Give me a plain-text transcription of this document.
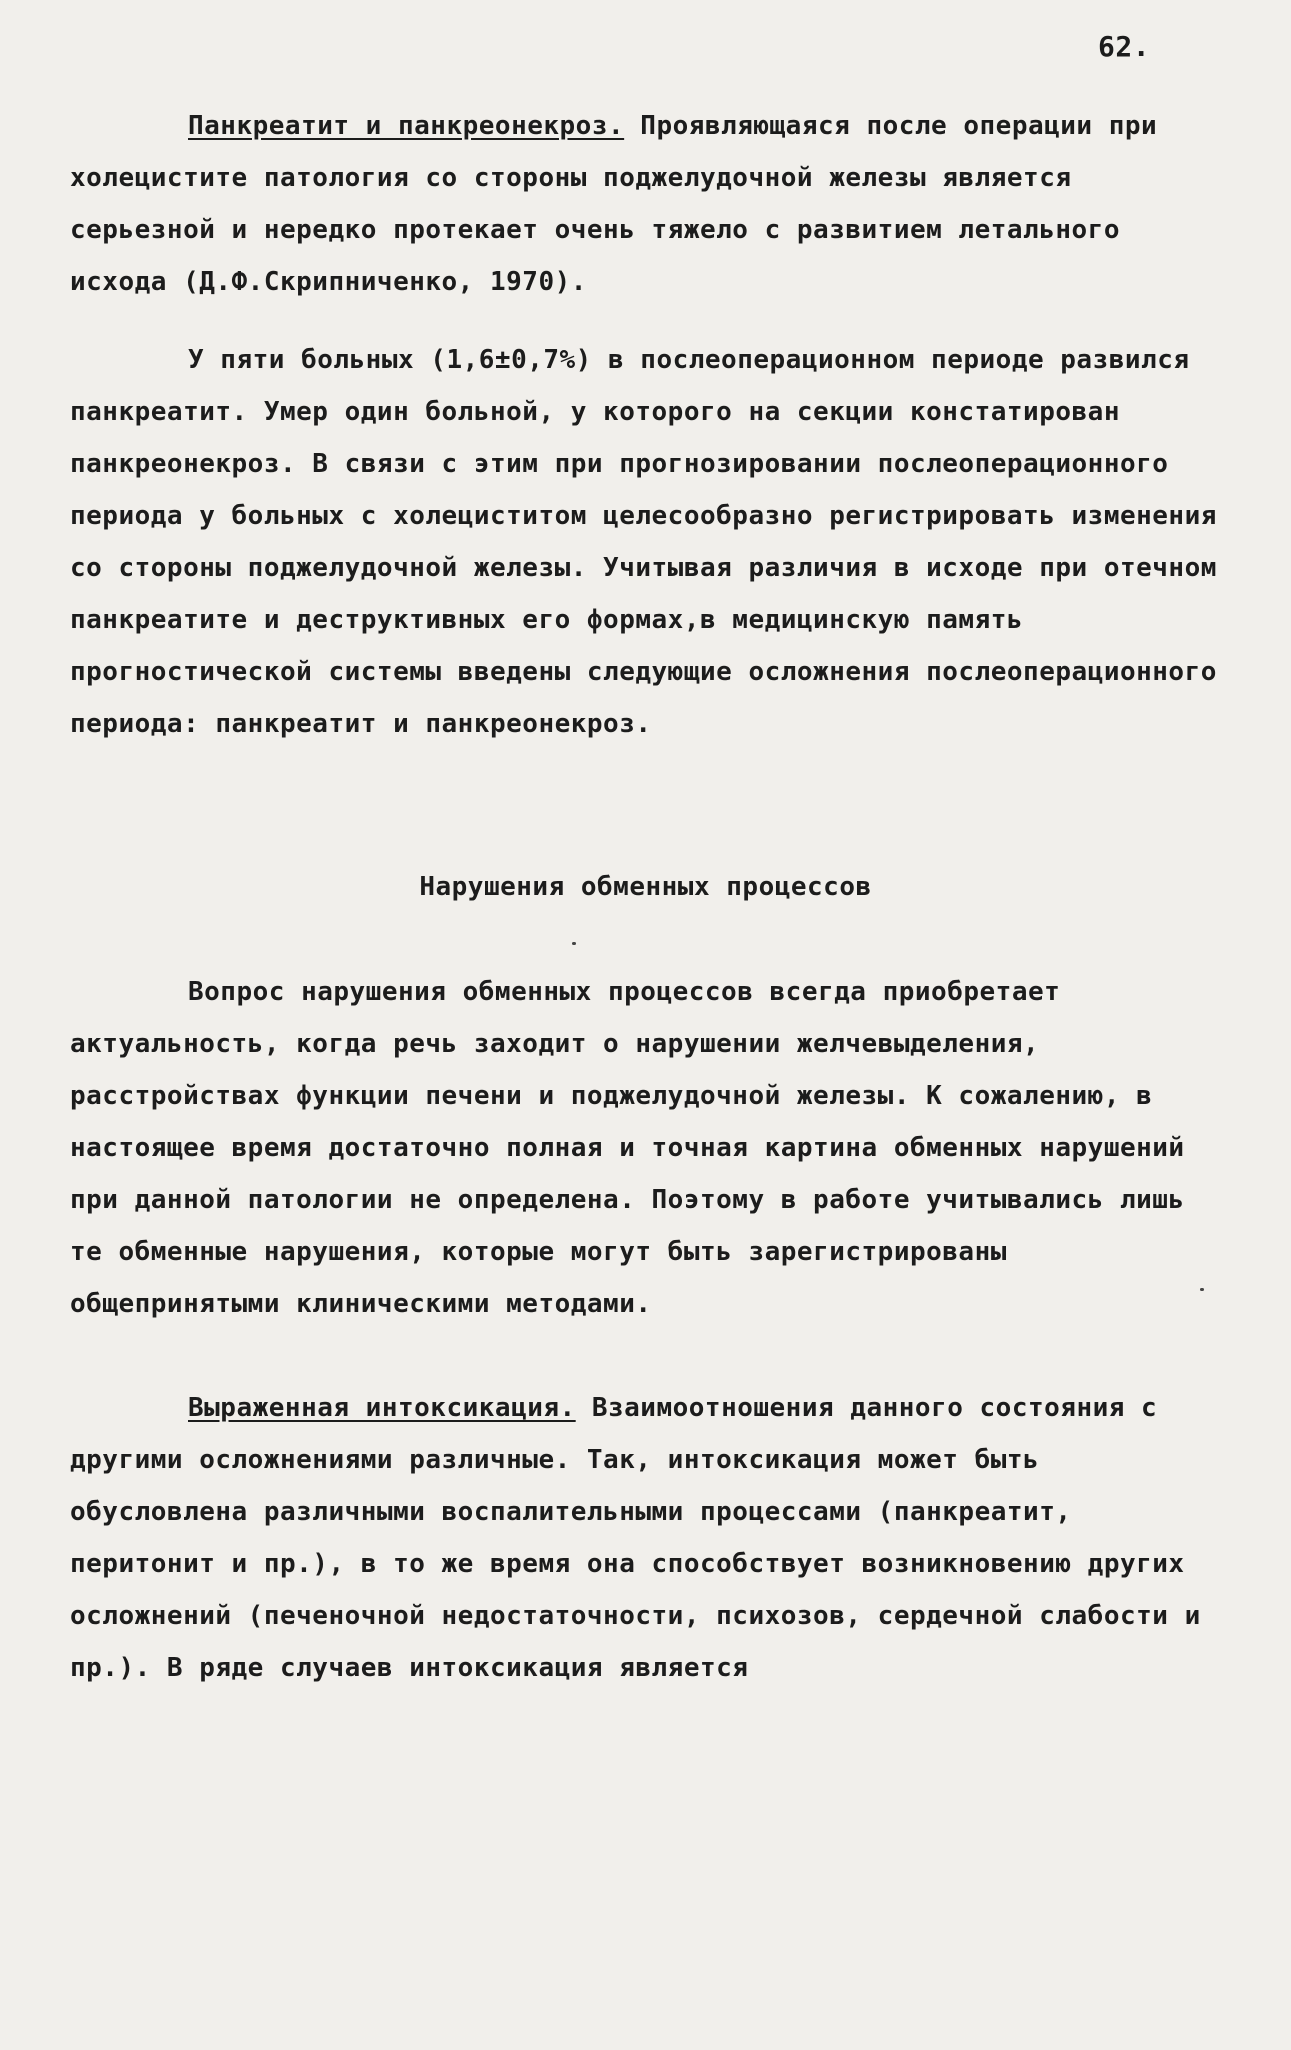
62.

Панкреатит и панкреонекроз. Проявляющаяся после операции при холецистите патология со стороны поджелудочной железы является серьезной и нередко протекает очень тяжело с развитием летального исхода (Д.Ф.Скрипниченко, 1970).

У пяти больных (1,6±0,7%) в послеоперационном периоде развился панкреатит. Умер один больной, у которого на секции констатирован панкреонекроз. В связи с этим при прогнозировании послеоперационного периода у больных с холециститом целесообразно регистрировать изменения со стороны поджелудочной железы. Учитывая различия в исходе при отечном панкреатите и деструктивных его формах,в медицинскую память прогностической системы введены следующие осложнения послеоперационного периода: панкреатит и панкреонекроз.

Нарушения обменных процессов

Вопрос нарушения обменных процессов всегда приобретает актуальность, когда речь заходит о нарушении желчевыделения, расстройствах функции печени и поджелудочной железы. К сожалению, в настоящее время достаточно полная и точная картина обменных нарушений при данной патологии не определена. Поэтому в работе учитывались лишь те обменные нарушения, которые могут быть зарегистрированы общепринятыми клиническими методами.

Выраженная интоксикация. Взаимоотношения данного состояния с другими осложнениями различные. Так, интоксикация может быть обусловлена различными воспалительными процессами (панкреатит, перитонит и пр.), в то же время она способствует возникновению других осложнений (печеночной недостаточности, психозов, сердечной слабости и пр.). В ряде случаев интоксикация является
